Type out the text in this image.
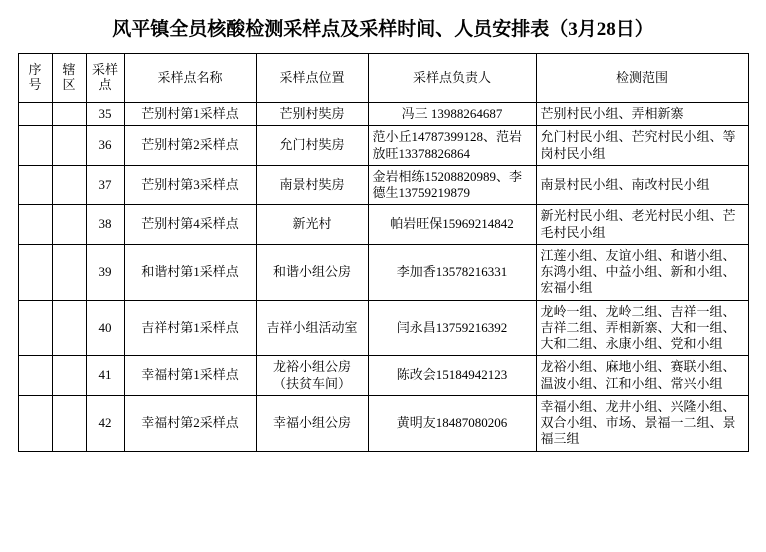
风平镇全员核酸检测采样点及采样时间、人员安排表（3月28日）
序号	辖区	采样点	采样点名称	采样点位置	采样点负责人	检测范围

		35	芒别村第1采样点	芒别村奘房	冯三 13988264687	芒别村民小组、弄相新寨
		36	芒别村第2采样点	允门村奘房	范小丘14787399128、范岩放旺13378826864	允门村民小组、芒究村民小组、等岗村民小组
		37	芒别村第3采样点	南景村奘房	金岩相练15208820989、李德生13759219879	南景村民小组、南改村民小组
		38	芒别村第4采样点	新光村	帕岩旺保15969214842	新光村民小组、老光村民小组、芒毛村民小组
		39	和谐村第1采样点	和谐小组公房	李加香13578216331	江莲小组、友谊小组、和谐小组、东鸿小组、中益小组、新和小组、宏福小组
		40	吉祥村第1采样点	吉祥小组活动室	闫永昌13759216392	龙岭一组、龙岭二组、吉祥一组、吉祥二组、弄相新寨、大和一组、大和二组、永康小组、党和小组
		41	幸福村第1采样点	龙裕小组公房（扶贫车间）	陈改会15184942123	龙裕小组、麻地小组、赛联小组、温波小组、江和小组、常兴小组
		42	幸福村第2采样点	幸福小组公房	黄明友18487080206	幸福小组、龙井小组、兴隆小组、双合小组、市场、景福一二组、景福三组
